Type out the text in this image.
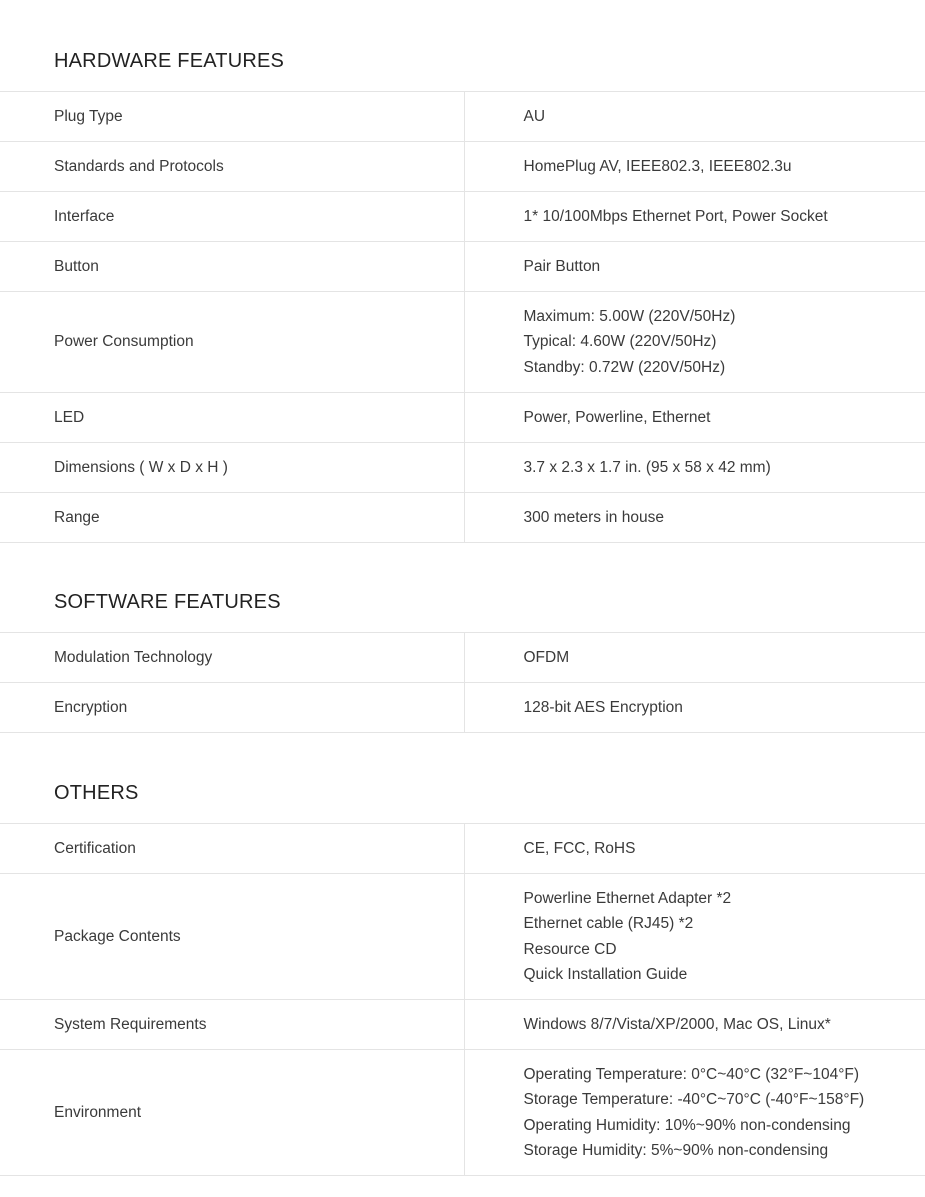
HARDWARE FEATURES
Plug Type	AU

Standards and Protocols	HomePlug AV, IEEE802.3, IEEE802.3u

Interface	1* 10/100Mbps Ethernet Port, Power Socket

Button	Pair Button

Power Consumption	Maximum: 5.00W (220V/50Hz)
Typical: 4.60W (220V/50Hz)
Standby: 0.72W (220V/50Hz)

LED	Power, Powerline, Ethernet

Dimensions ( W x D x H )	3.7 x 2.3 x 1.7 in. (95 x 58 x 42 mm)

Range	300 meters in house
SOFTWARE FEATURES
Modulation Technology	OFDM

Encryption	128-bit AES Encryption
OTHERS
Certification	CE, FCC, RoHS

Package Contents	Powerline Ethernet Adapter *2
Ethernet cable (RJ45) *2
Resource CD
Quick Installation Guide

System Requirements	Windows 8/7/Vista/XP/2000, Mac OS, Linux*

Environment	Operating Temperature: 0°C~40°C (32°F~104°F)
Storage Temperature: -40°C~70°C (-40°F~158°F)
Operating Humidity: 10%~90% non-condensing
Storage Humidity: 5%~90% non-condensing
